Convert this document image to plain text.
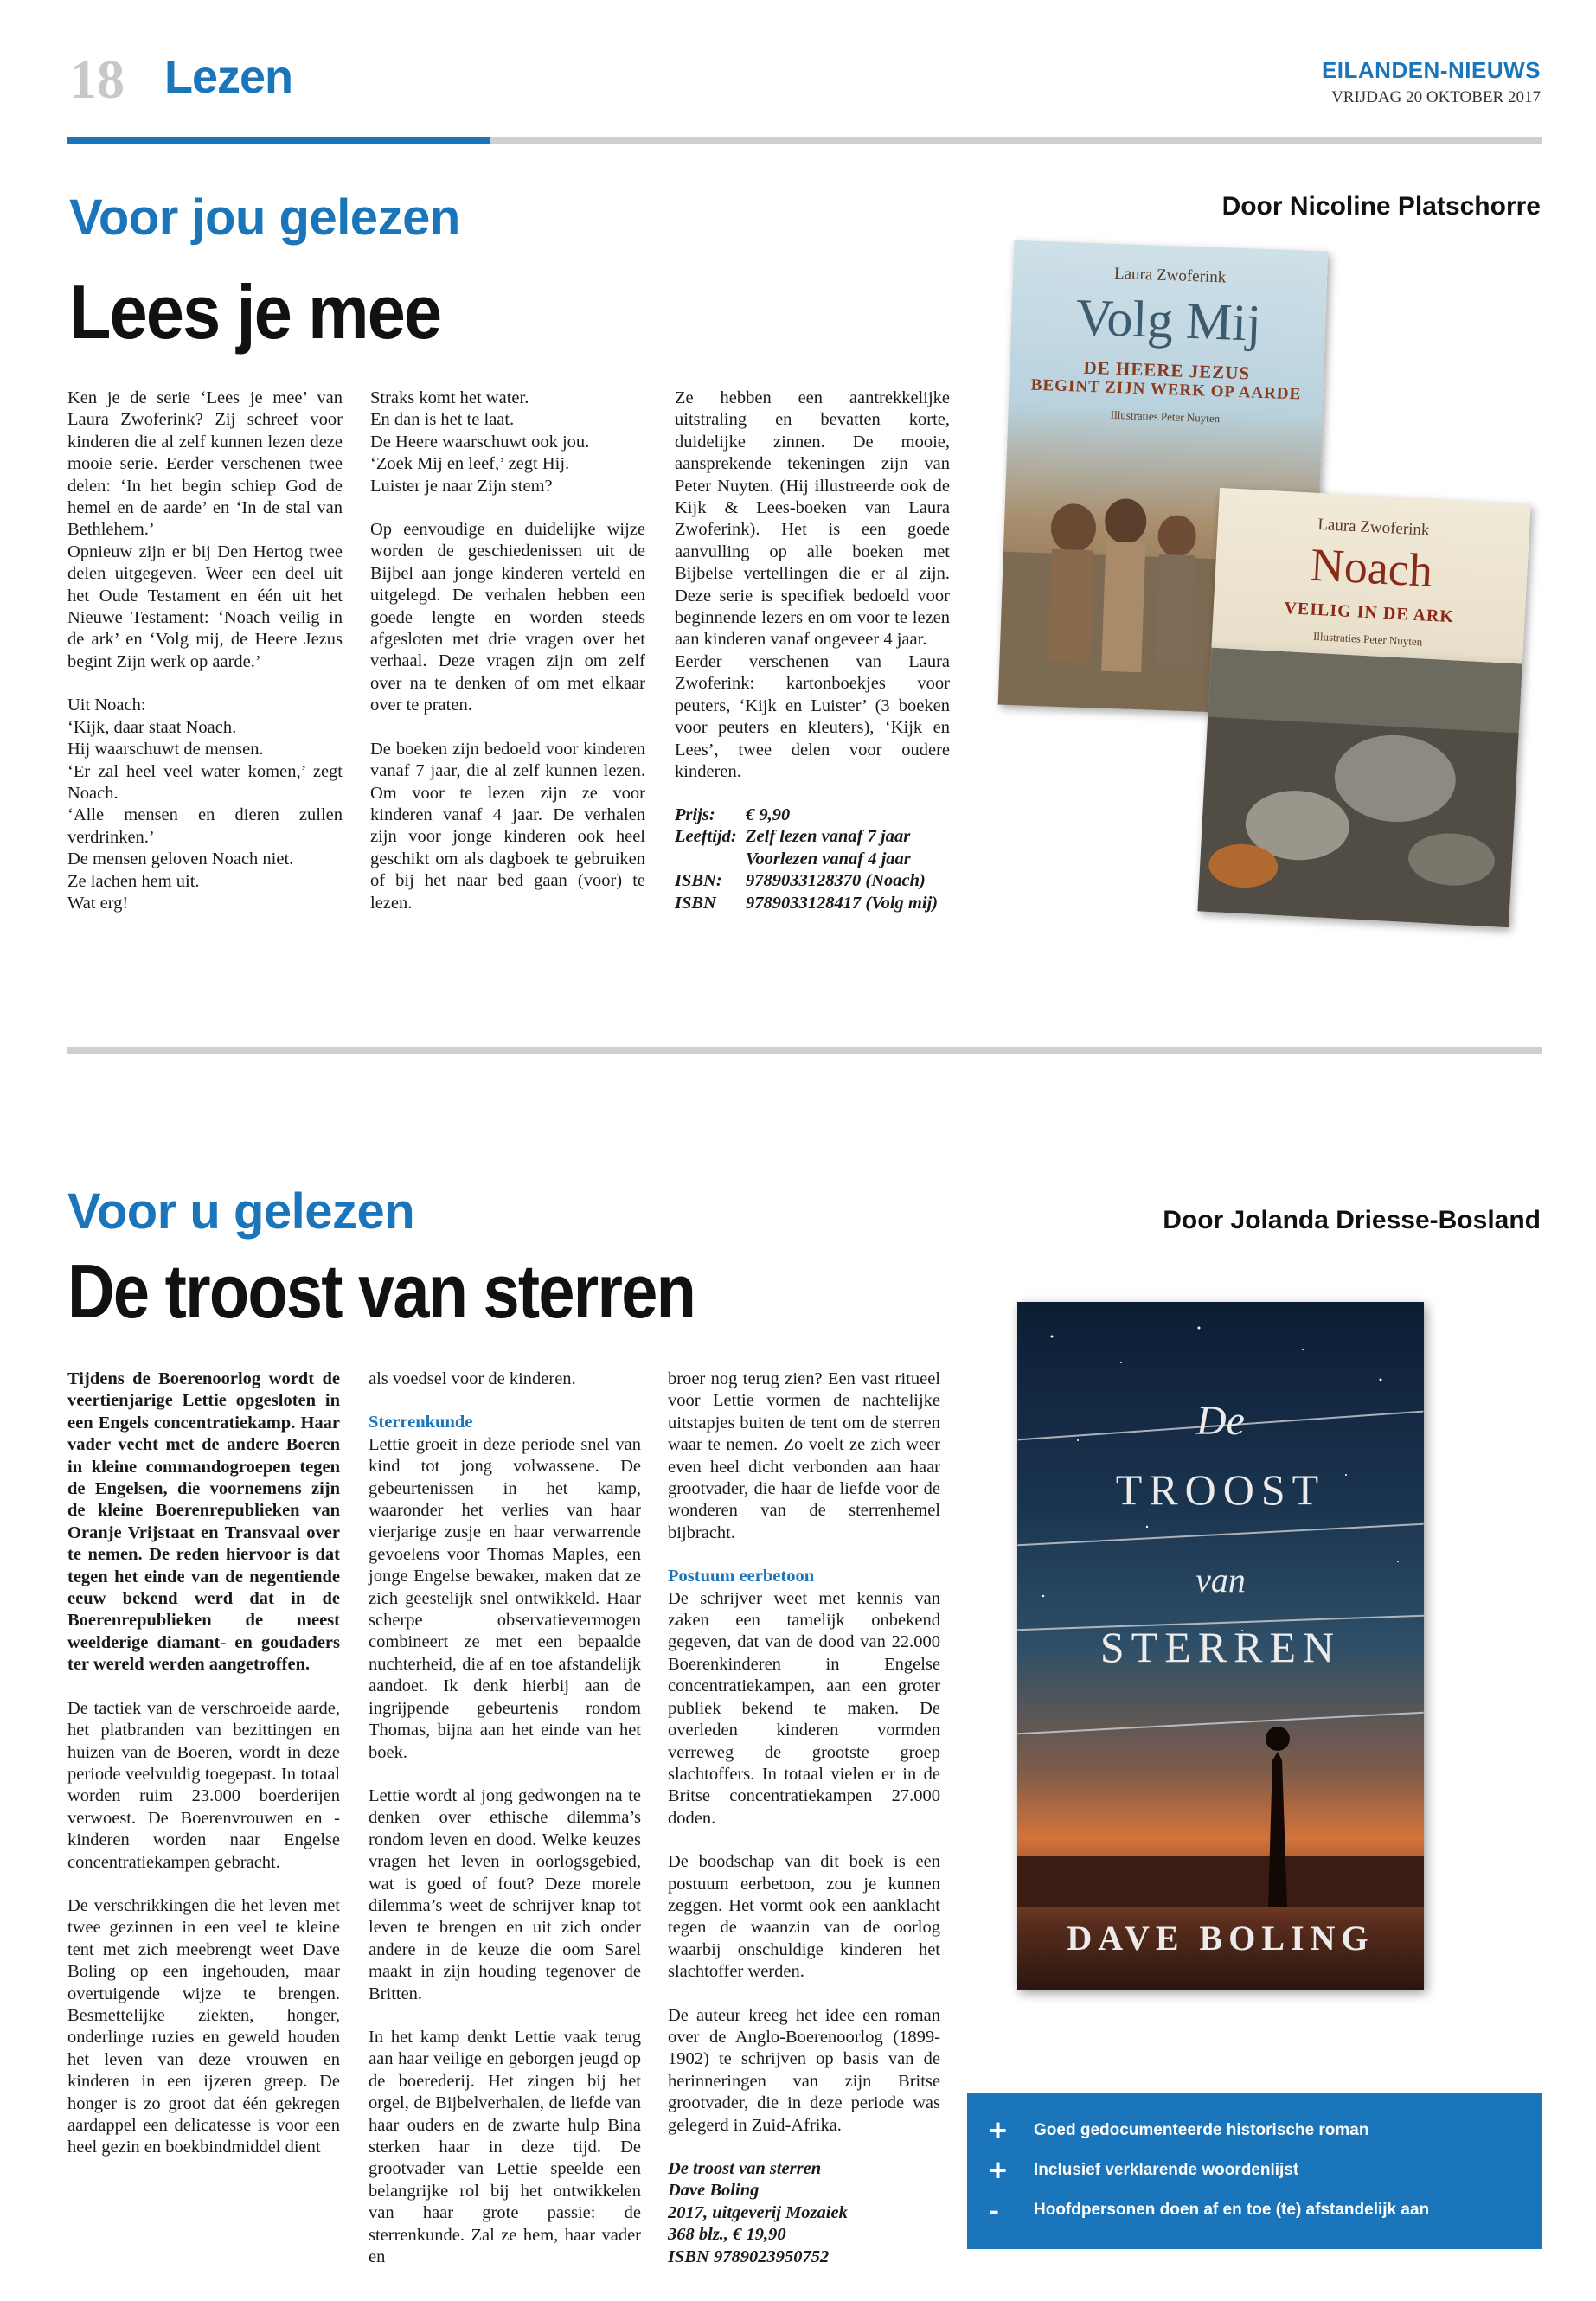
18 Lezen	EILANDEN-NIEUWS
VRIJDAG 20 OKTOBER 2017
Voor jou gelezen	Door Nicoline Platschorre
Lees je mee

Ken je de serie ‘Lees je mee’ van Laura Zwoferink? Zij schreef voor kinderen die al zelf kunnen lezen deze mooie serie. Eerder verschenen twee delen: ‘In het begin schiep God de hemel en de aarde’ en ‘In de stal van Bethlehem.’

Opnieuw zijn er bij Den Hertog twee delen uitgegeven. Weer een deel uit het Oude Testament en één uit het Nieuwe Testament: ‘Noach veilig in de ark’ en ‘Volg mij, de Heere Jezus begint Zijn werk op aarde.’

Uit Noach:

‘Kijk, daar staat Noach.

Hij waarschuwt de mensen.

‘Er zal heel veel water komen,’ zegt Noach.

‘Alle mensen en dieren zullen verdrinken.’

De mensen geloven Noach niet.

Ze lachen hem uit.

Wat erg!

Straks komt het water.

En dan is het te laat.

De Heere waarschuwt ook jou.

‘Zoek Mij en leef,’ zegt Hij.

Luister je naar Zijn stem?

Op eenvoudige en duidelijke wijze worden de geschiedenissen uit de Bijbel aan jonge kinderen verteld en uitgelegd. De verhalen hebben een goede lengte en worden steeds afgesloten met drie vragen over het verhaal. Deze vragen zijn om zelf over na te denken of om met elkaar over te praten.

De boeken zijn bedoeld voor kinderen vanaf 7 jaar, die al zelf kunnen lezen. Om voor te lezen zijn ze voor kinderen vanaf 4 jaar. De verhalen zijn voor jonge kinderen ook heel geschikt om als dagboek te gebruiken of bij het naar bed gaan (voor) te lezen.

Ze hebben een aantrekkelijke uitstraling en bevatten korte, duidelijke zinnen. De mooie, aansprekende tekeningen zijn van Peter Nuyten. (Hij illustreerde ook de Kijk & Lees-boeken van Laura Zwoferink). Het is een goede aanvulling op alle boeken met Bijbelse vertellingen die er al zijn. Deze serie is specifiek bedoeld voor beginnende lezers en om voor te lezen aan kinderen vanaf ongeveer 4 jaar.

Eerder verschenen van Laura Zwoferink: kartonboekjes voor peuters, ‘Kijk en Luister’ (3 boeken voor peuters en kleuters), ‘Kijk en Lees’, twee delen voor oudere kinderen.

Prijs:	€ 9,90
Leeftijd: Zelf lezen vanaf 7 jaar
Voorlezen vanaf 4 jaar
ISBN:	9789033128370 (Noach)
ISBN	9789033128417 (Volg mij)
Laura Zwoferink
Volg Mij
DE HEERE JEZUS
BEGINT ZIJN WERK OP AARDE
Illustraties Peter Nuyten
Laura Zwoferink
Noach
VEILIG IN DE ARK
Illustraties Peter Nuyten
Voor u gelezen	Door Jolanda Driesse-Bosland
De troost van sterren

Tijdens de Boerenoorlog wordt de veertienjarige Lettie opgesloten in een Engels concentratiekamp. Haar vader vecht met de andere Boeren in kleine commandogroepen tegen de Engelsen, die voornemens zijn de kleine Boerenrepublieken van Oranje Vrijstaat en Transvaal over te nemen. De reden hiervoor is dat tegen het einde van de negentiende eeuw bekend werd dat in de Boerenrepublieken de meest weelderige diamant- en goudaders ter wereld werden aangetroffen.

De tactiek van de verschroeide aarde, het platbranden van bezittingen en huizen van de Boeren, wordt in deze periode veelvuldig toegepast. In totaal worden ruim 23.000 boerderijen verwoest. De Boerenvrouwen en -kinderen worden naar Engelse concentratiekampen gebracht.

De verschrikkingen die het leven met twee gezinnen in een veel te kleine tent met zich meebrengt weet Dave Boling op een ingehouden, maar overtuigende wijze te brengen. Besmettelijke ziekten, honger, onderlinge ruzies en geweld houden het leven van deze vrouwen en kinderen in een ijzeren greep. De honger is zo groot dat één gekregen aardappel een delicatesse is voor een heel gezin en boekbindmiddel dient

als voedsel voor de kinderen.

Sterrenkunde

Lettie groeit in deze periode snel van kind tot jong volwassene. De gebeurtenissen in het kamp, waaronder het verlies van haar vierjarige zusje en haar verwarrende gevoelens voor Thomas Maples, een jonge Engelse bewaker, maken dat ze zich geestelijk snel ontwikkeld. Haar scherpe observatievermogen combineert ze met een bepaalde nuchterheid, die af en toe afstandelijk aandoet. Ik denk hierbij aan de ingrijpende gebeurtenis rondom Thomas, bijna aan het einde van het boek.

Lettie wordt al jong gedwongen na te denken over ethische dilemma’s rondom leven en dood. Welke keuzes vragen het leven in oorlogsgebied, wat is goed of fout? Deze morele dilemma’s weet de schrijver knap tot leven te brengen en uit zich onder andere in de keuze die oom Sarel maakt in zijn houding tegenover de Britten.

In het kamp denkt Lettie vaak terug aan haar veilige en geborgen jeugd op de boerederij. Het zingen bij het orgel, de Bijbelverhalen, de liefde van haar ouders en de zwarte hulp Bina sterken haar in deze tijd. De grootvader van Lettie speelde een belangrijke rol bij het ontwikkelen van haar grote passie: de sterrenkunde. Zal ze hem, haar vader en

broer nog terug zien? Een vast ritueel voor Lettie vormen de nachtelijke uitstapjes buiten de tent om de sterren waar te nemen. Zo voelt ze zich weer even heel dicht verbonden aan haar grootvader, die haar de liefde voor de wonderen van de sterrenhemel bijbracht.

Postuum eerbetoon

De schrijver weet met kennis van zaken een tamelijk onbekend gegeven, dat van de dood van 22.000 Boerenkinderen in Engelse concentratiekampen, aan een groter publiek bekend te maken. De overleden kinderen vormden verreweg de grootste groep slachtoffers. In totaal vielen er in de Britse concentratiekampen 27.000 doden.

De boodschap van dit boek is een postuum eerbetoon, zou je kunnen zeggen. Het vormt ook een aanklacht tegen de waanzin van de oorlog waarbij onschuldige kinderen het slachtoffer werden.

De auteur kreeg het idee een roman over de Anglo-Boerenoorlog (1899-1902) te schrijven op basis van de herinneringen van zijn Britse grootvader, die in deze periode was gelegerd in Zuid-Afrika.

De troost van sterren
Dave Boling
2017, uitgeverij Mozaiek
368 blz., € 19,90
ISBN 9789023950752
De
TROOST
van
STERREN
DAVE BOLING
+	Goed gedocumenteerde historische roman
+	Inclusief verklarende woordenlijst
-	Hoofdpersonen doen af en toe (te) afstandelijk aan
